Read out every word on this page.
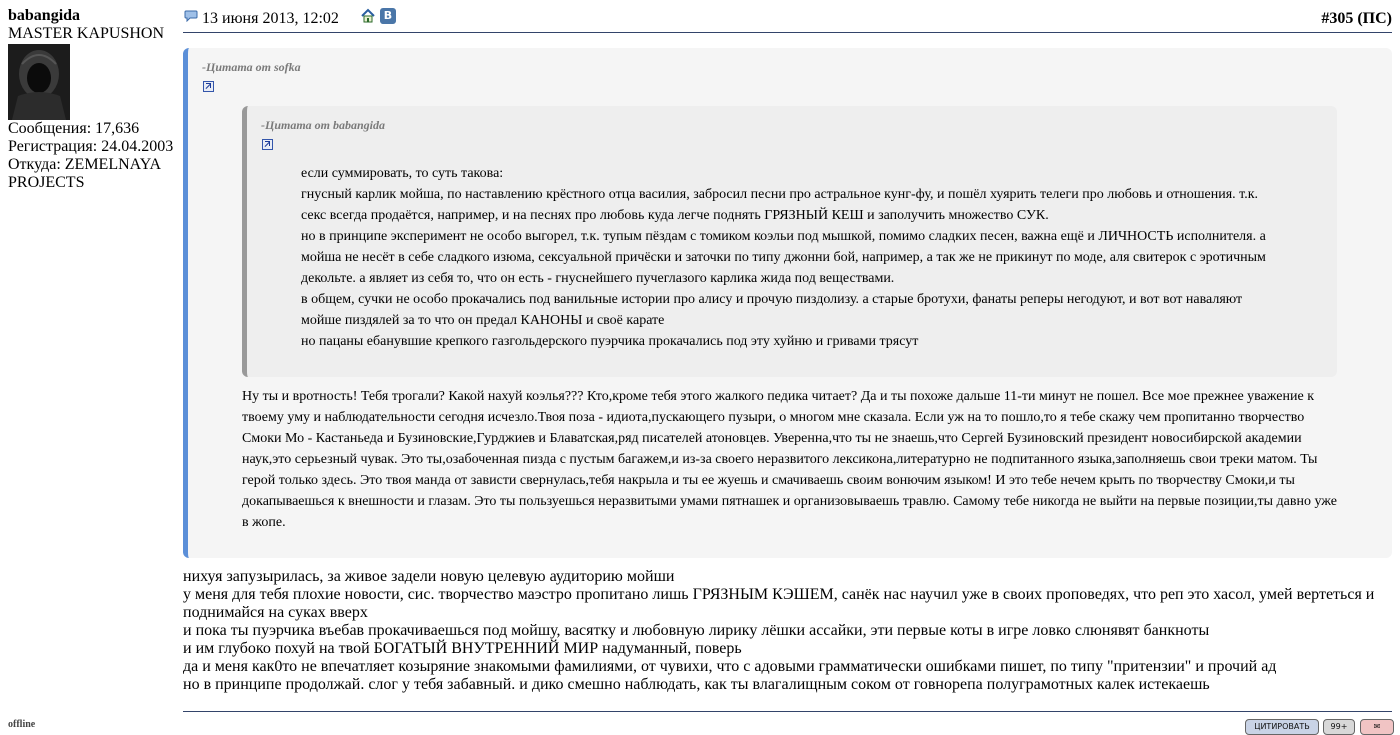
babangida
MASTER KAPUSHON
Сообщения: 17,636
Регистрация: 24.04.2003
Откуда: ZEMELNAYA
PROJECTS
offline
13 июня 2013, 12:02	B	#305 (ПС)
-Цитата от sofka
-Цитата от babangida
если суммировать, то суть такова:
гнусный карлик мойша, по наставлению крёстного отца василия, забросил песни про астральное кунг-фу, и пошёл хуярить телеги про любовь и отношения. т.к.
секс всегда продаётся, например, и на песнях про любовь куда легче поднять ГРЯЗНЫЙ КЕШ и заполучить множество СУК.
но в принципе эксперимент не особо выгорел, т.к. тупым пёздам с томиком коэльи под мышкой, помимо сладких песен, важна ещё и ЛИЧНОСТЬ исполнителя. а
мойша не несёт в себе сладкого изюма, сексуальной причёски и заточки по типу джонни бой, например, а так же не прикинут по моде, аля свитерок с эротичным
декольте. а являет из себя то, что он есть - гнуснейшего пучеглазого карлика жида под веществами.
в общем, сучки не особо прокачались под ванильные истории про алису и прочую пиздолизу. а старые бротухи, фанаты реперы негодуют, и вот вот наваляют
мойше пиздялей за то что он предал КАНОНЫ и своё карате
но пацаны ебанувшие крепкого газгольдерского пуэрчика прокачались под эту хуйню и гривами трясут
Ну ты и вротность! Тебя трогали? Какой нахуй коэлья??? Кто,кроме тебя этого жалкого педика читает? Да и ты похоже дальше 11-ти минут не пошел. Все мое прежнее уважение к
твоему уму и наблюдательности сегодня исчезло.Твоя поза - идиота,пускающего пузыри, о многом мне сказала. Если уж на то пошло,то я тебе скажу чем пропитанно творчество
Смоки Мо - Кастаньеда и Бузиновские,Гурджиев и Блаватская,ряд писателей атоновцев. Уверенна,что ты не знаешь,что Сергей Бузиновский президент новосибирской академии
наук,это серьезный чувак. Это ты,озабоченная пизда с пустым багажем,и из-за своего неразвитого лексикона,литературно не подпитанного языка,заполняешь свои треки матом. Ты
герой только здесь. Это твоя манда от зависти свернулась,тебя накрыла и ты ее жуешь и смачиваешь своим вонючим языком! И это тебе нечем крыть по творчеству Смоки,и ты
докапываешься к внешности и глазам. Это ты пользуешься неразвитыми умами пятнашек и организовываешь травлю. Самому тебе никогда не выйти на первые позиции,ты давно уже
в жопе.
нихуя запузырилась, за живое задели новую целевую аудиторию мойши
у меня для тебя плохие новости, сис. творчество маэстро пропитано лишь ГРЯЗНЫМ КЭШЕМ, санёк нас научил уже в своих проповедях, что реп это хасол, умей вертеться и
поднимайся на суках вверх
и пока ты пуэрчика въебав прокачиваешься под мойшу, васятку и любовную лирику лёшки ассайки, эти первые коты в игре ловко слюнявят банкноты
и им глубоко похуй на твой БОГАТЫЙ ВНУТРЕННИЙ МИР надуманный, поверь
да и меня как0то не впечатляет козыряние знакомыми фамилиями, от чувихи, что с адовыми грамматически ошибками пишет, по типу "притензии" и прочий ад
но в принципе продолжай. слог у тебя забавный. и дико смешно наблюдать, как ты влагалищным соком от говнорепа полуграмотных калек истекаешь
ЦИТИРОВАТЬ	99+	✉
